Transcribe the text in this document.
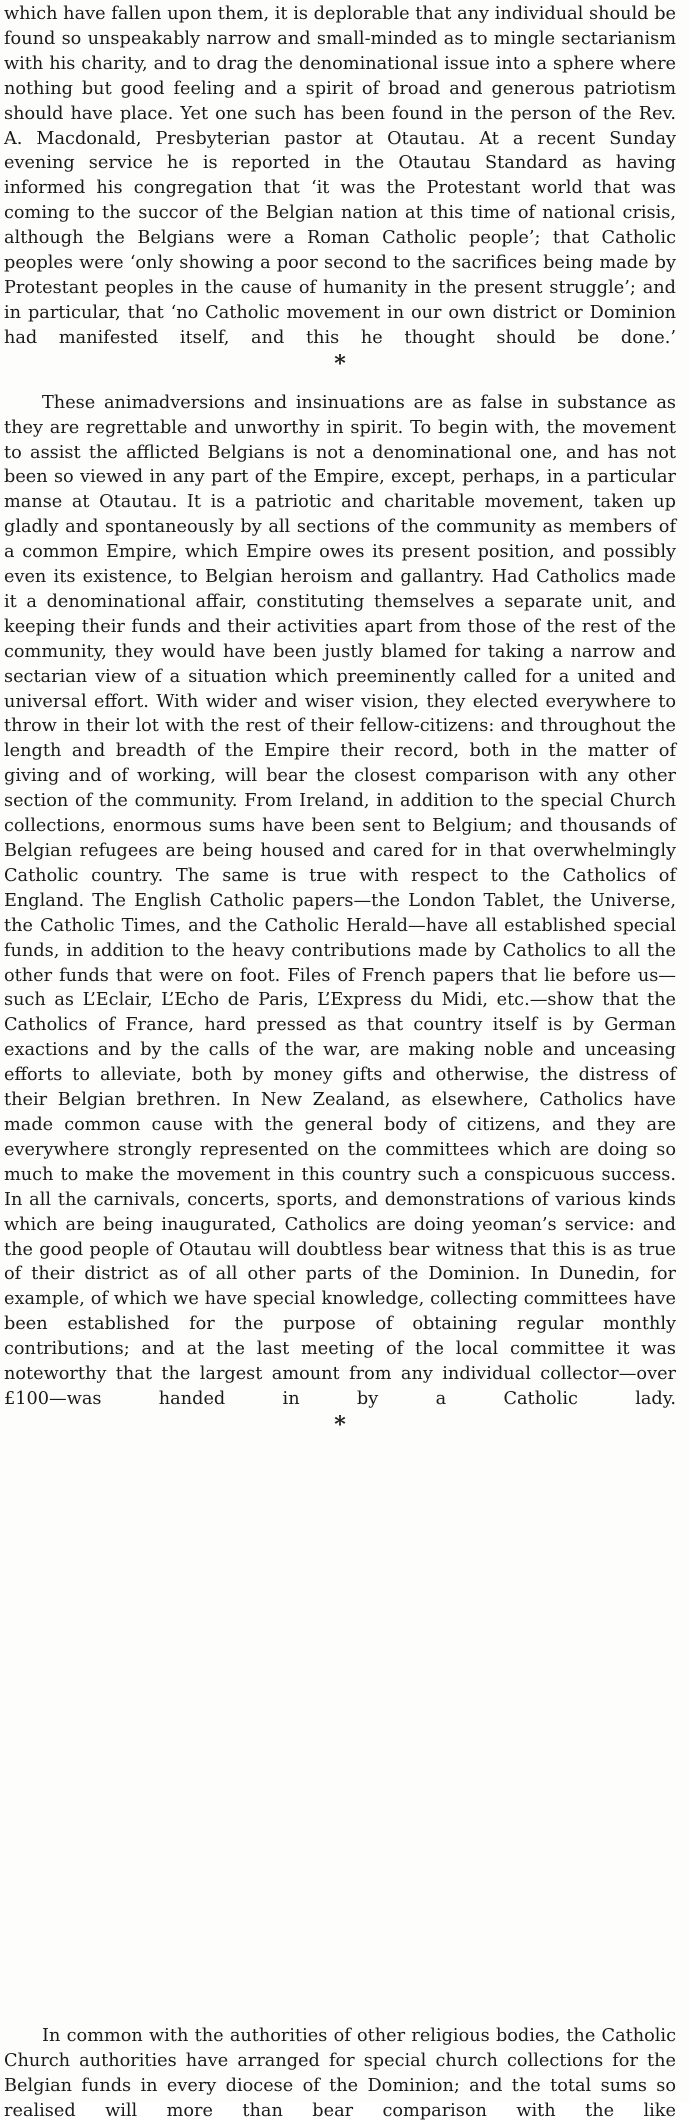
which have fallen upon them, it is deplorable that any individual should be found so unspeakably narrow and small-minded as to mingle sectarianism with his charity, and to drag the denominational issue into a sphere where nothing but good feeling and a spirit of broad and generous patriotism should have place. Yet one such has been found in the person of the Rev. A. Macdonald, Presbyterian pastor at Otautau. At a recent Sunday evening service he is reported in the Otautau Standard as having informed his congregation that ‘it was the Protestant world that was coming to the succor of the Belgian nation at this time of national crisis, although the Belgians were a Roman Catholic people’; that Catholic peoples were ‘only showing a poor second to the sacrifices being made by Protestant peoples in the cause of humanity in the present struggle’; and in particular, that ‘no Catholic movement in our own district or Dominion had manifested itself, and this he thought should be done.’

*

These animadversions and insinuations are as false in substance as they are regrettable and unworthy in spirit. To begin with, the movement to assist the afflicted Belgians is not a denominational one, and has not been so viewed in any part of the Empire, except, perhaps, in a particular manse at Otautau. It is a patriotic and charitable movement, taken up gladly and spontaneously by all sections of the community as members of a common Empire, which Empire owes its present position, and possibly even its existence, to Belgian heroism and gallantry. Had Catholics made it a denominational affair, constituting themselves a separate unit, and keeping their funds and their activities apart from those of the rest of the community, they would have been justly blamed for taking a narrow and sectarian view of a situation which preeminently called for a united and universal effort. With wider and wiser vision, they elected everywhere to throw in their lot with the rest of their fellow-citizens: and throughout the length and breadth of the Empire their record, both in the matter of giving and of working, will bear the closest comparison with any other section of the community. From Ireland, in addition to the special Church collections, enormous sums have been sent to Belgium; and thousands of Belgian refugees are being housed and cared for in that overwhelmingly Catholic country. The same is true with respect to the Catholics of England. The English Catholic papers—the London Tablet, the Universe, the Catholic Times, and the Catholic Herald—have all established special funds, in addition to the heavy contributions made by Catholics to all the other funds that were on foot. Files of French papers that lie before us—such as L’Eclair, L’Echo de Paris, L’Express du Midi, etc.—show that the Catholics of France, hard pressed as that country itself is by German exactions and by the calls of the war, are making noble and unceasing efforts to alleviate, both by money gifts and otherwise, the distress of their Belgian brethren. In New Zealand, as elsewhere, Catholics have made common cause with the general body of citizens, and they are everywhere strongly represented on the committees which are doing so much to make the movement in this country such a conspicuous success. In all the carnivals, concerts, sports, and demonstrations of various kinds which are being inaugurated, Catholics are doing yeoman’s service: and the good people of Otautau will doubtless bear witness that this is as true of their district as of all other parts of the Dominion. In Dunedin, for example, of which we have special knowledge, collecting committees have been established for the purpose of obtaining regular monthly contributions; and at the last meeting of the local committee it was noteworthy that the largest amount from any individual collector—over £100—was handed in by a Catholic lady.

*

In common with the authorities of other religious bodies, the Catholic Church authorities have arranged for special church collections for the Belgian funds in every diocese of the Dominion; and the total sums so realised will more than bear comparison with the like
